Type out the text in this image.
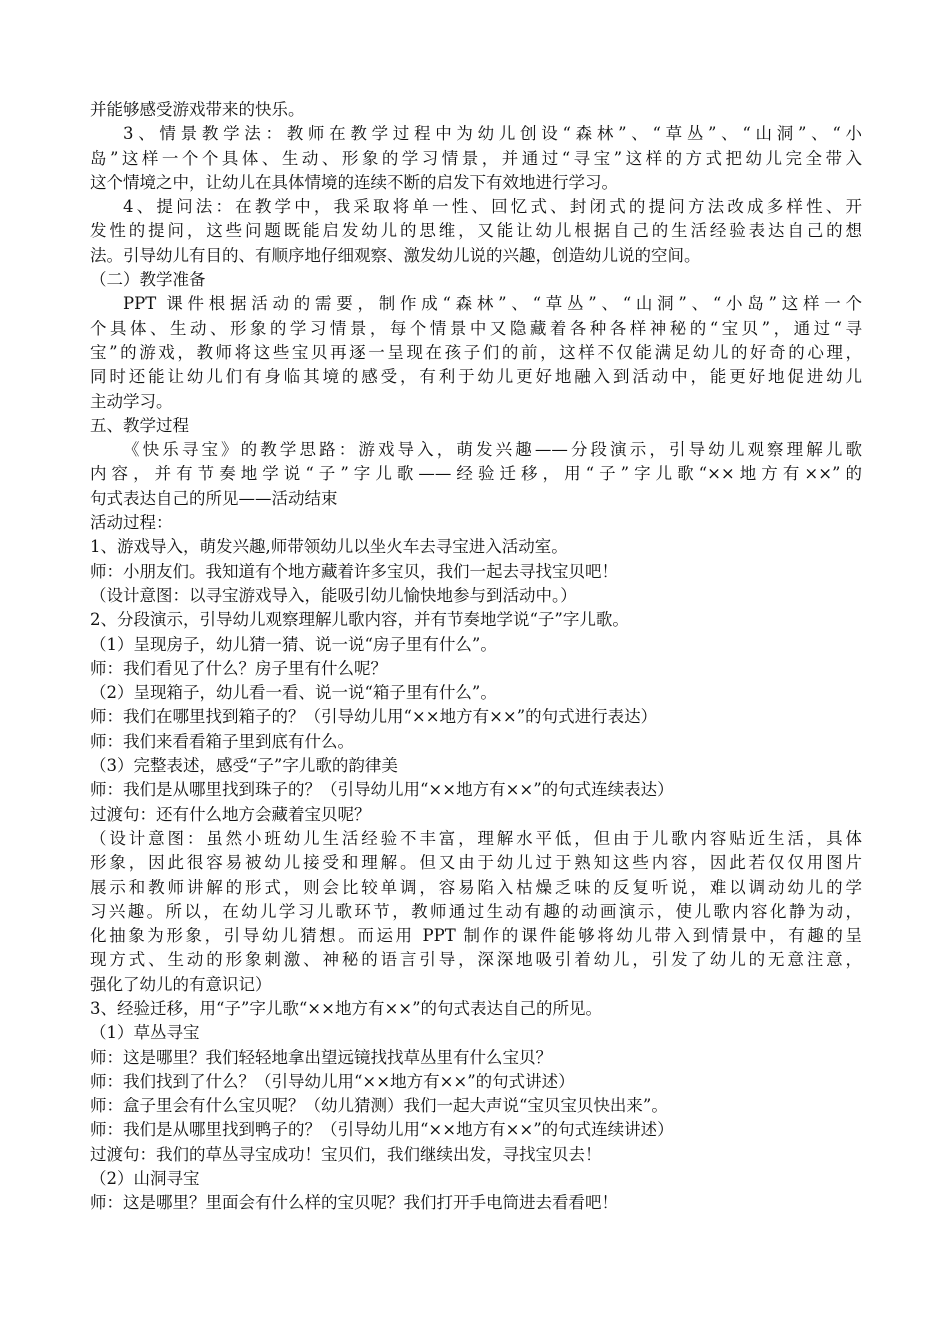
并能够感受游戏带来的快乐。
3、情景教学法：教师在教学过程中为幼儿创设“森林”、“草丛”、“山洞”、“小
岛”这样一个个具体、生动、形象的学习情景，并通过“寻宝”这样的方式把幼儿完全带入
这个情境之中，让幼儿在具体情境的连续不断的启发下有效地进行学习。
4、提问法：在教学中，我采取将单一性、回忆式、封闭式的提问方法改成多样性、开
发性的提问，这些问题既能启发幼儿的思维，又能让幼儿根据自己的生活经验表达自己的想
法。引导幼儿有目的、有顺序地仔细观察、激发幼儿说的兴趣，创造幼儿说的空间。
（二）教学准备
PPT 课件根据活动的需要，制作成“森林”、“草丛”、“山洞”、“小岛”这样一个
个具体、生动、形象的学习情景，每个情景中又隐藏着各种各样神秘的“宝贝”，通过“寻
宝”的游戏，教师将这些宝贝再逐一呈现在孩子们的前，这样不仅能满足幼儿的好奇的心理，
同时还能让幼儿们有身临其境的感受，有利于幼儿更好地融入到活动中，能更好地促进幼儿
主动学习。
五、教学过程
《快乐寻宝》的教学思路：游戏导入，萌发兴趣——分段演示，引导幼儿观察理解儿歌
内容，并有节奏地学说“子”字儿歌——经验迁移，用“子”字儿歌“××地方有××”的
句式表达自己的所见——活动结束
活动过程：
1、游戏导入，萌发兴趣,师带领幼儿以坐火车去寻宝进入活动室。
师：小朋友们。我知道有个地方藏着许多宝贝，我们一起去寻找宝贝吧！
（设计意图：以寻宝游戏导入，能吸引幼儿愉快地参与到活动中。）
2、分段演示，引导幼儿观察理解儿歌内容，并有节奏地学说“子”字儿歌。
（1）呈现房子，幼儿猜一猜、说一说“房子里有什么”。
师：我们看见了什么？房子里有什么呢？
（2）呈现箱子，幼儿看一看、说一说“箱子里有什么”。
师：我们在哪里找到箱子的？（引导幼儿用“××地方有××”的句式进行表达）
师：我们来看看箱子里到底有什么。
（3）完整表述，感受“子”字儿歌的韵律美
师：我们是从哪里找到珠子的？（引导幼儿用“××地方有××”的句式连续表达）
过渡句：还有什么地方会藏着宝贝呢？
（设计意图：虽然小班幼儿生活经验不丰富，理解水平低，但由于儿歌内容贴近生活，具体
形象，因此很容易被幼儿接受和理解。但又由于幼儿过于熟知这些内容，因此若仅仅用图片
展示和教师讲解的形式，则会比较单调，容易陷入枯燥乏味的反复听说，难以调动幼儿的学
习兴趣。所以，在幼儿学习儿歌环节，教师通过生动有趣的动画演示，使儿歌内容化静为动，
化抽象为形象，引导幼儿猜想。而运用 PPT 制作的课件能够将幼儿带入到情景中，有趣的呈
现方式、生动的形象刺激、神秘的语言引导，深深地吸引着幼儿，引发了幼儿的无意注意，
强化了幼儿的有意识记）
3、经验迁移，用“子”字儿歌“××地方有××”的句式表达自己的所见。
（1）草丛寻宝
师：这是哪里？我们轻轻地拿出望远镜找找草丛里有什么宝贝？
师：我们找到了什么？（引导幼儿用“××地方有××”的句式讲述）
师：盒子里会有什么宝贝呢？（幼儿猜测）我们一起大声说“宝贝宝贝快出来”。
师：我们是从哪里找到鸭子的？（引导幼儿用“××地方有××”的句式连续讲述）
过渡句：我们的草丛寻宝成功！宝贝们，我们继续出发，寻找宝贝去！
（2）山洞寻宝
师：这是哪里？里面会有什么样的宝贝呢？我们打开手电筒进去看看吧！
